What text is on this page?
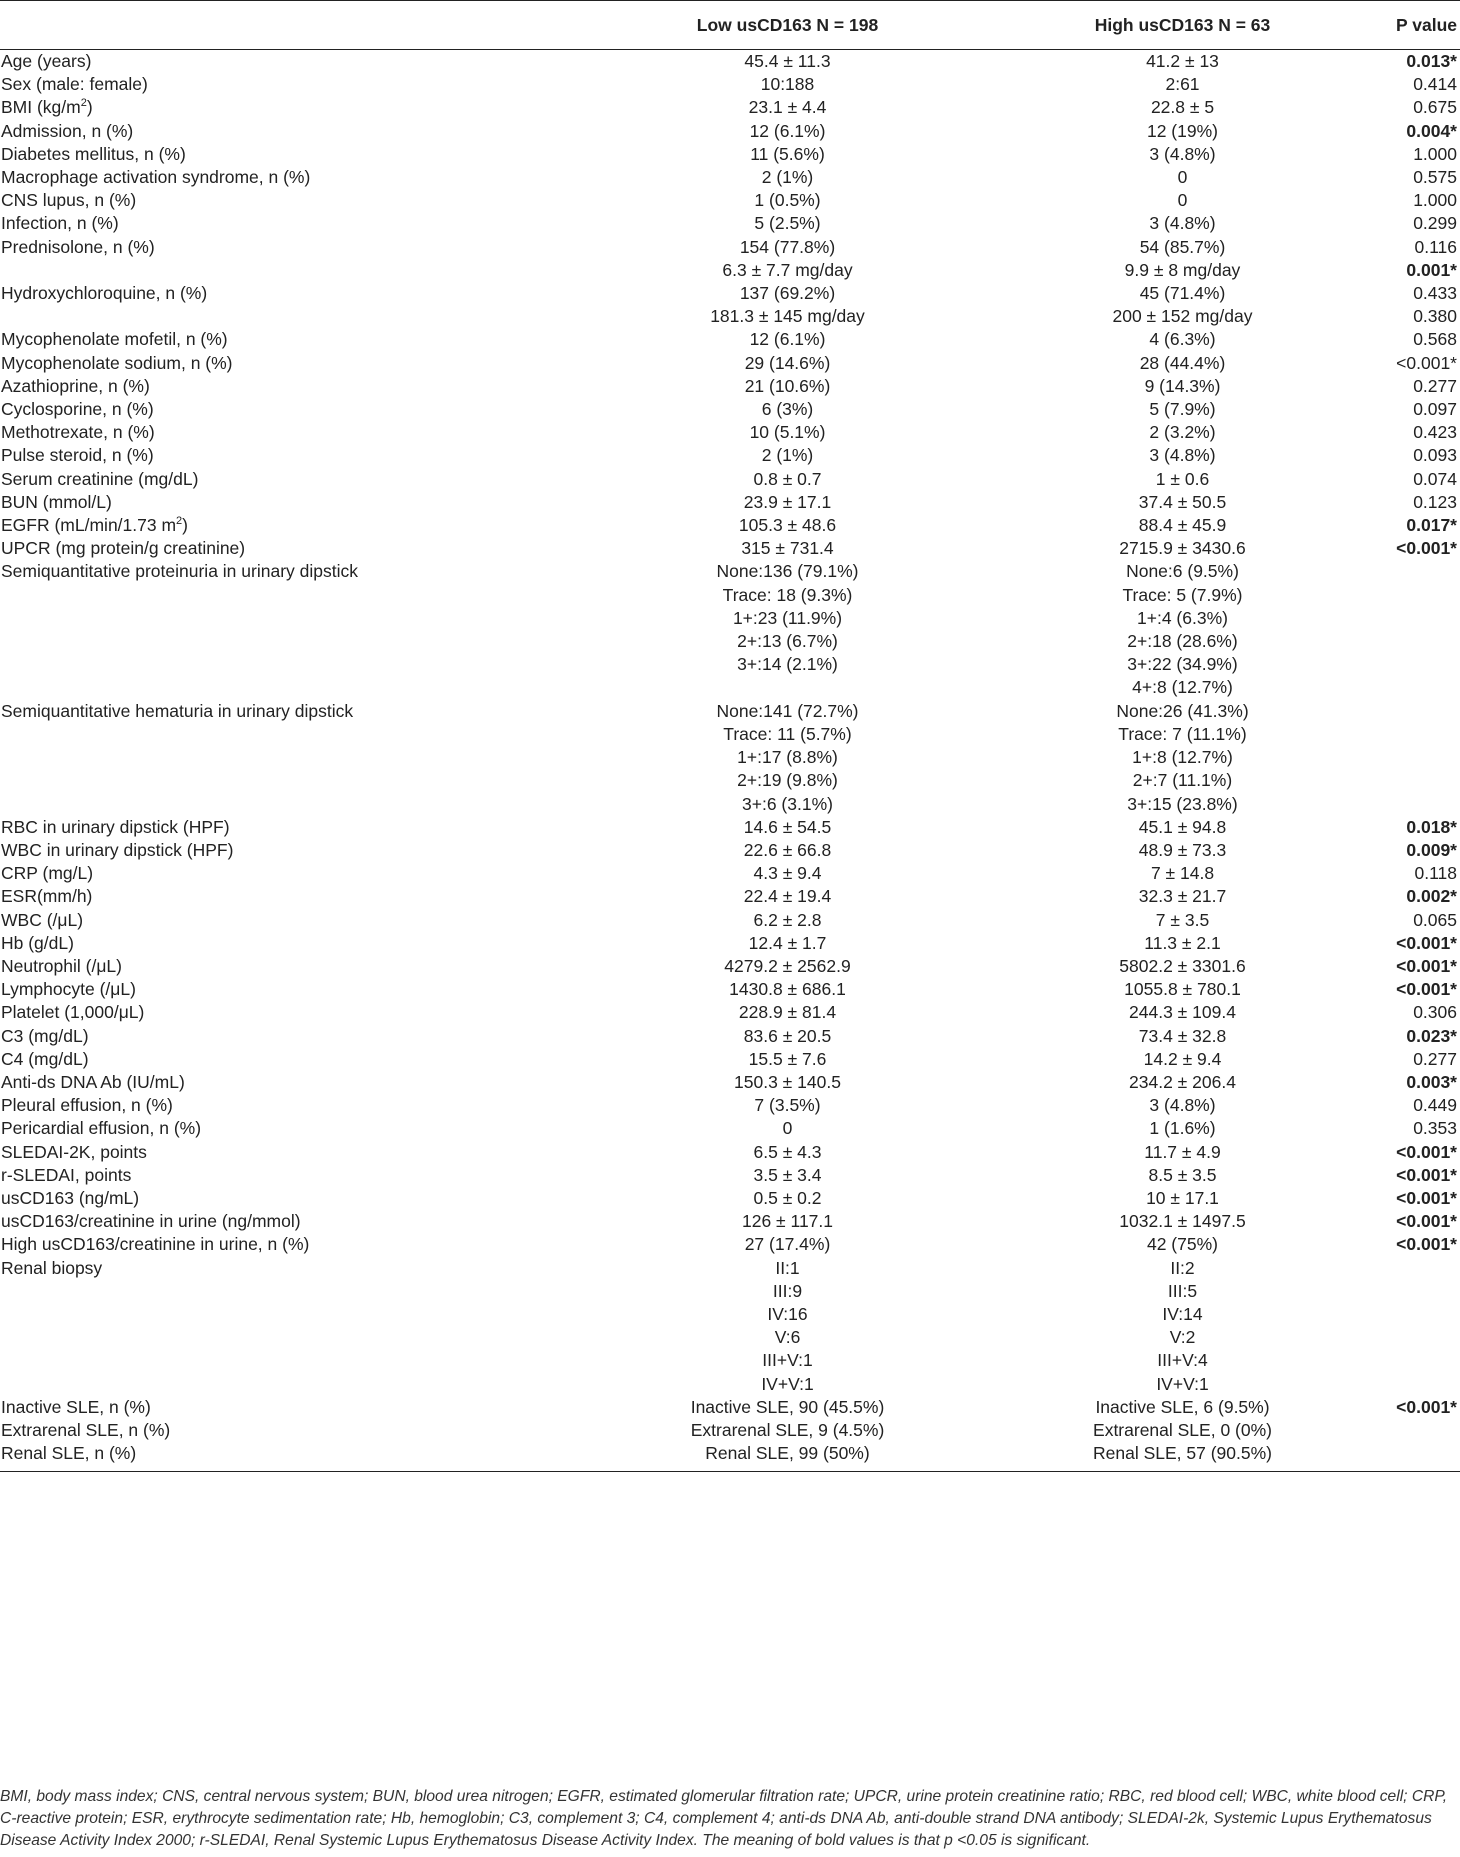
	Low usCD163 N = 198	High usCD163 N = 63	P value
Age (years)	45.4 ± 11.3	41.2 ± 13	0.013*
Sex (male: female)	10:188	2:61	0.414
BMI $(kg/m^2)$	23.1 ± 4.4	22.8 ± 5	0.675
Admission, n (%)	12 (6.1%)	12 (19%)	0.004*
Diabetes mellitus, n (%)	11 (5.6%)	3 (4.8%)	1.000
Macrophage activation syndrome, n (%)	2 (1%)	0	0.575
CNS lupus, n (%)	1 (0.5%)	0	1.000
Infection, n (%)	5 (2.5%)	3 (4.8%)	0.299
Prednisolone, n (%)	154 (77.8%)	54 (85.7%)	0.116
	6.3 ± 7.7 mg/day	9.9 ± 8 mg/day	0.001*
Hydroxychloroquine, n (%)	137 (69.2%)	45 (71.4%)	0.433
	181.3 ± 145 mg/day	200 ± 152 mg/day	0.380
Mycophenolate mofetil, n (%)	12 (6.1%)	4 (6.3%)	0.568
Mycophenolate sodium, n (%)	29 (14.6%)	28 (44.4%)	<0.001*
Azathioprine, n (%)	21 (10.6%)	9 (14.3%)	0.277
Cyclosporine, n (%)	6 (3%)	5 (7.9%)	0.097
Methotrexate, n (%)	10 (5.1%)	2 (3.2%)	0.423
Pulse steroid, n (%)	2 (1%)	3 (4.8%)	0.093
Serum creatinine (mg/dL)	0.8 ± 0.7	1 ± 0.6	0.074
BUN (mmol/L)	23.9 ± 17.1	37.4 ± 50.5	0.123
EGFR (mL/min/1.73 $m^2$)	105.3 ± 48.6	88.4 ± 45.9	0.017*
UPCR (mg protein/g creatinine)	315 ± 731.4	2715.9 ± 3430.6	<0.001*
Semiquantitative proteinuria in urinary dipstick	None:136 (79.1%)	None:6 (9.5%)	
	Trace: 18 (9.3%)	Trace: 5 (7.9%)	
	1+:23 (11.9%)	1+:4 (6.3%)	
	2+:13 (6.7%)	2+:18 (28.6%)	
	3+:14 (2.1%)	3+:22 (34.9%)	
		4+:8 (12.7%)	
Semiquantitative hematuria in urinary dipstick	None:141 (72.7%)	None:26 (41.3%)	
	Trace: 11 (5.7%)	Trace: 7 (11.1%)	
	1+:17 (8.8%)	1+:8 (12.7%)	
	2+:19 (9.8%)	2+:7 (11.1%)	
	3+:6 (3.1%)	3+:15 (23.8%)	
RBC in urinary dipstick (HPF)	14.6 ± 54.5	45.1 ± 94.8	0.018*
WBC in urinary dipstick (HPF)	22.6 ± 66.8	48.9 ± 73.3	0.009*
CRP (mg/L)	4.3 ± 9.4	7 ± 14.8	0.118
ESR(mm/h)	22.4 ± 19.4	32.3 ± 21.7	0.002*
WBC (/μL)	6.2 ± 2.8	7 ± 3.5	0.065
Hb (g/dL)	12.4 ± 1.7	11.3 ± 2.1	<0.001*
Neutrophil (/μL)	4279.2 ± 2562.9	5802.2 ± 3301.6	<0.001*
Lymphocyte (/μL)	1430.8 ± 686.1	1055.8 ± 780.1	<0.001*
Platelet (1,000/μL)	228.9 ± 81.4	244.3 ± 109.4	0.306
C3 (mg/dL)	83.6 ± 20.5	73.4 ± 32.8	0.023*
C4 (mg/dL)	15.5 ± 7.6	14.2 ± 9.4	0.277
Anti-ds DNA Ab (IU/mL)	150.3 ± 140.5	234.2 ± 206.4	0.003*
Pleural effusion, n (%)	7 (3.5%)	3 (4.8%)	0.449
Pericardial effusion, n (%)	0	1 (1.6%)	0.353
SLEDAI-2K, points	6.5 ± 4.3	11.7 ± 4.9	<0.001*
r-SLEDAI, points	3.5 ± 3.4	8.5 ± 3.5	<0.001*
usCD163 (ng/mL)	0.5 ± 0.2	10 ± 17.1	<0.001*
usCD163/creatinine in urine (ng/mmol)	126 ± 117.1	1032.1 ± 1497.5	<0.001*
High usCD163/creatinine in urine, n (%)	27 (17.4%)	42 (75%)	<0.001*
Renal biopsy	II:1	II:2	
	III:9	III:5	
	IV:16	IV:14	
	V:6	V:2	
	III+V:1	III+V:4	
	IV+V:1	IV+V:1	
Inactive SLE, n (%)	Inactive SLE, 90 (45.5%)	Inactive SLE, 6 (9.5%)	<0.001*
Extrarenal SLE, n (%)	Extrarenal SLE, 9 (4.5%)	Extrarenal SLE, 0 (0%)	
Renal SLE, n (%)	Renal SLE, 99 (50%)	Renal SLE, 57 (90.5%)	
BMI, body mass index; CNS, central nervous system; BUN, blood urea nitrogen; EGFR, estimated glomerular filtration rate; UPCR, urine protein creatinine ratio; RBC, red blood cell; WBC, white blood cell; CRP, C-reactive protein; ESR, erythrocyte sedimentation rate; Hb, hemoglobin; C3, complement 3; C4, complement 4; anti-ds DNA Ab, anti-double strand DNA antibody; SLEDAI-2k, Systemic Lupus Erythematosus Disease Activity Index 2000; r-SLEDAI, Renal Systemic Lupus Erythematosus Disease Activity Index. The meaning of bold values is that p <0.05 is significant.
